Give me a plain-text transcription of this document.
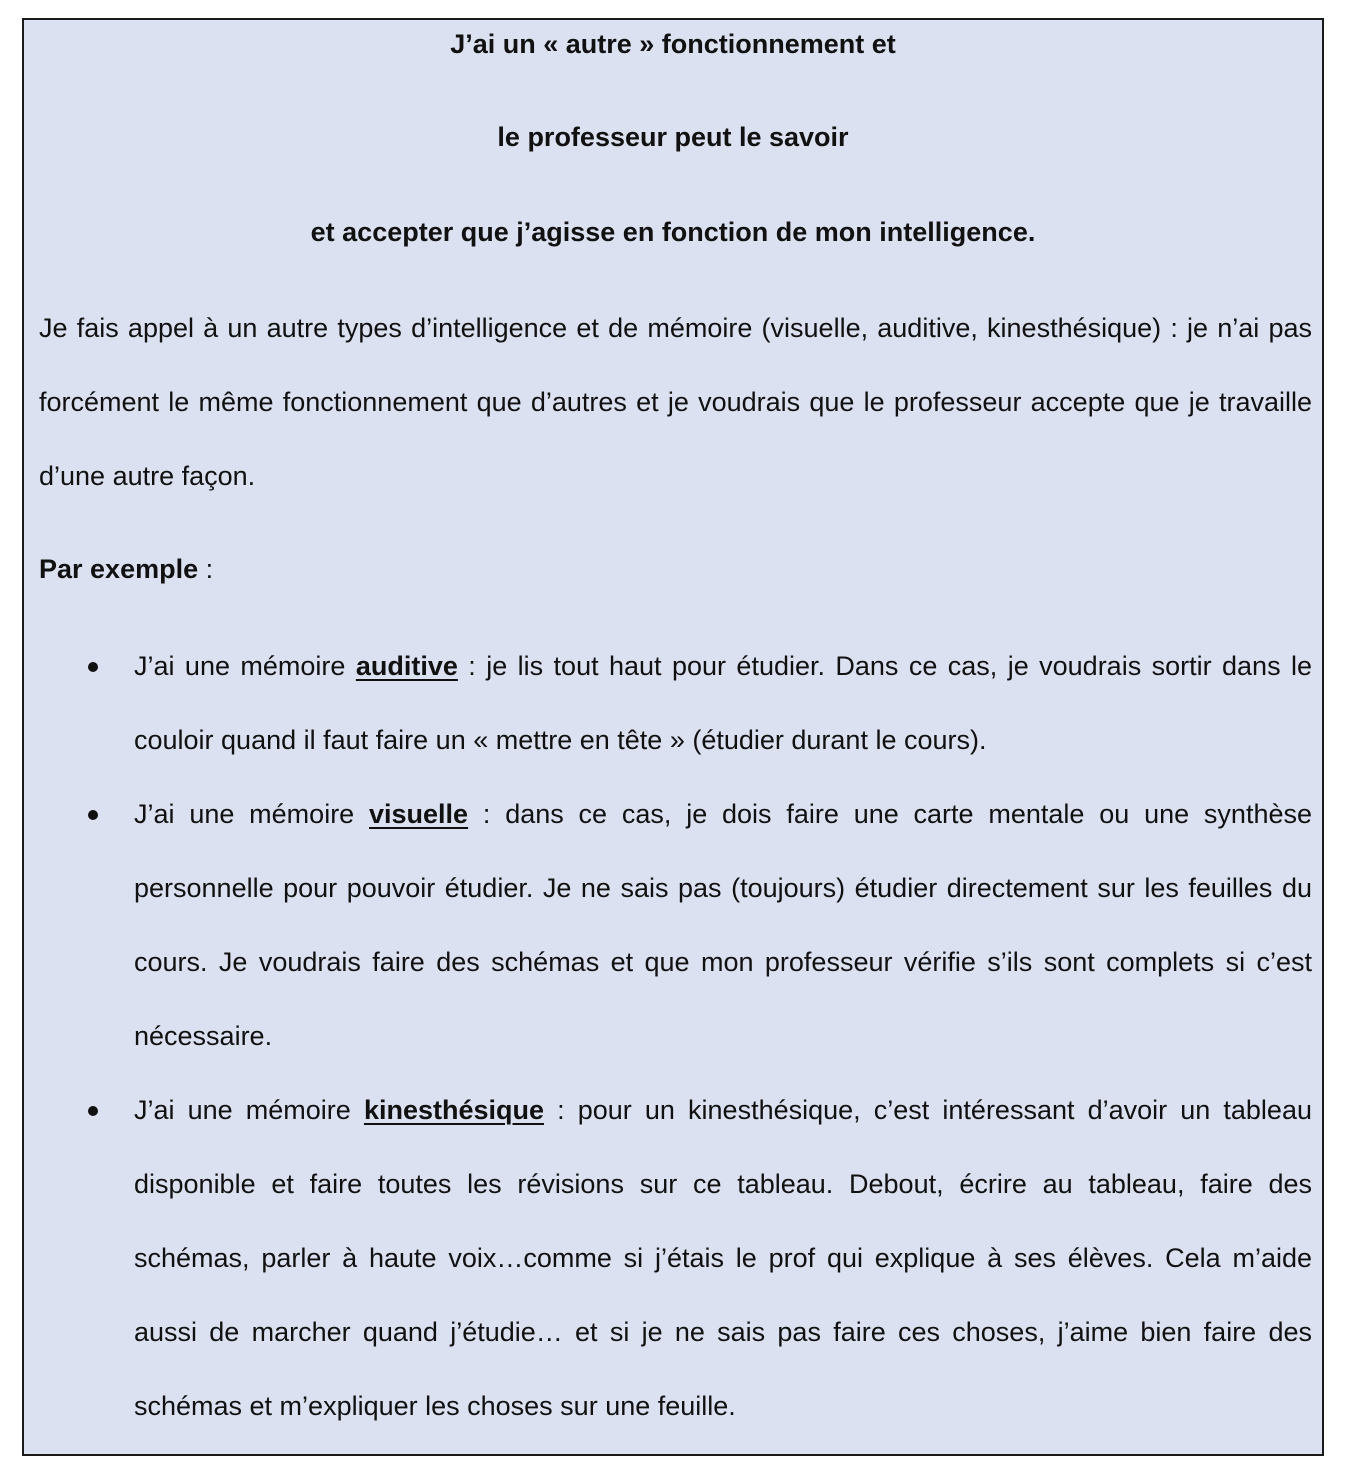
J’ai un « autre » fonctionnement et
le professeur peut le savoir
et accepter que j’agisse en fonction de mon intelligence.

Je fais appel à un autre types d’intelligence et de mémoire (visuelle, auditive, kinesthésique) : je n’ai pas forcément le même fonctionnement que d’autres et je voudrais que le professeur accepte que je travaille d’une autre façon.

Par exemple :

J’ai une mémoire auditive : je lis tout haut pour étudier. Dans ce cas, je voudrais sortir dans le couloir quand il faut faire un « mettre en tête » (étudier durant le cours).

J’ai une mémoire visuelle : dans ce cas, je dois faire une carte mentale ou une synthèse personnelle pour pouvoir étudier. Je ne sais pas (toujours) étudier directement sur les feuilles du cours. Je voudrais faire des schémas et que mon professeur vérifie s’ils sont complets si c’est nécessaire.

J’ai une mémoire kinesthésique : pour un kinesthésique, c’est intéressant d’avoir un tableau disponible et faire toutes les révisions sur ce tableau. Debout, écrire au tableau, faire des schémas, parler à haute voix…comme si j’étais le prof qui explique à ses élèves. Cela m’aide aussi de marcher quand j’étudie… et si je ne sais pas faire ces choses, j’aime bien faire des schémas et m’expliquer les choses sur une feuille.
